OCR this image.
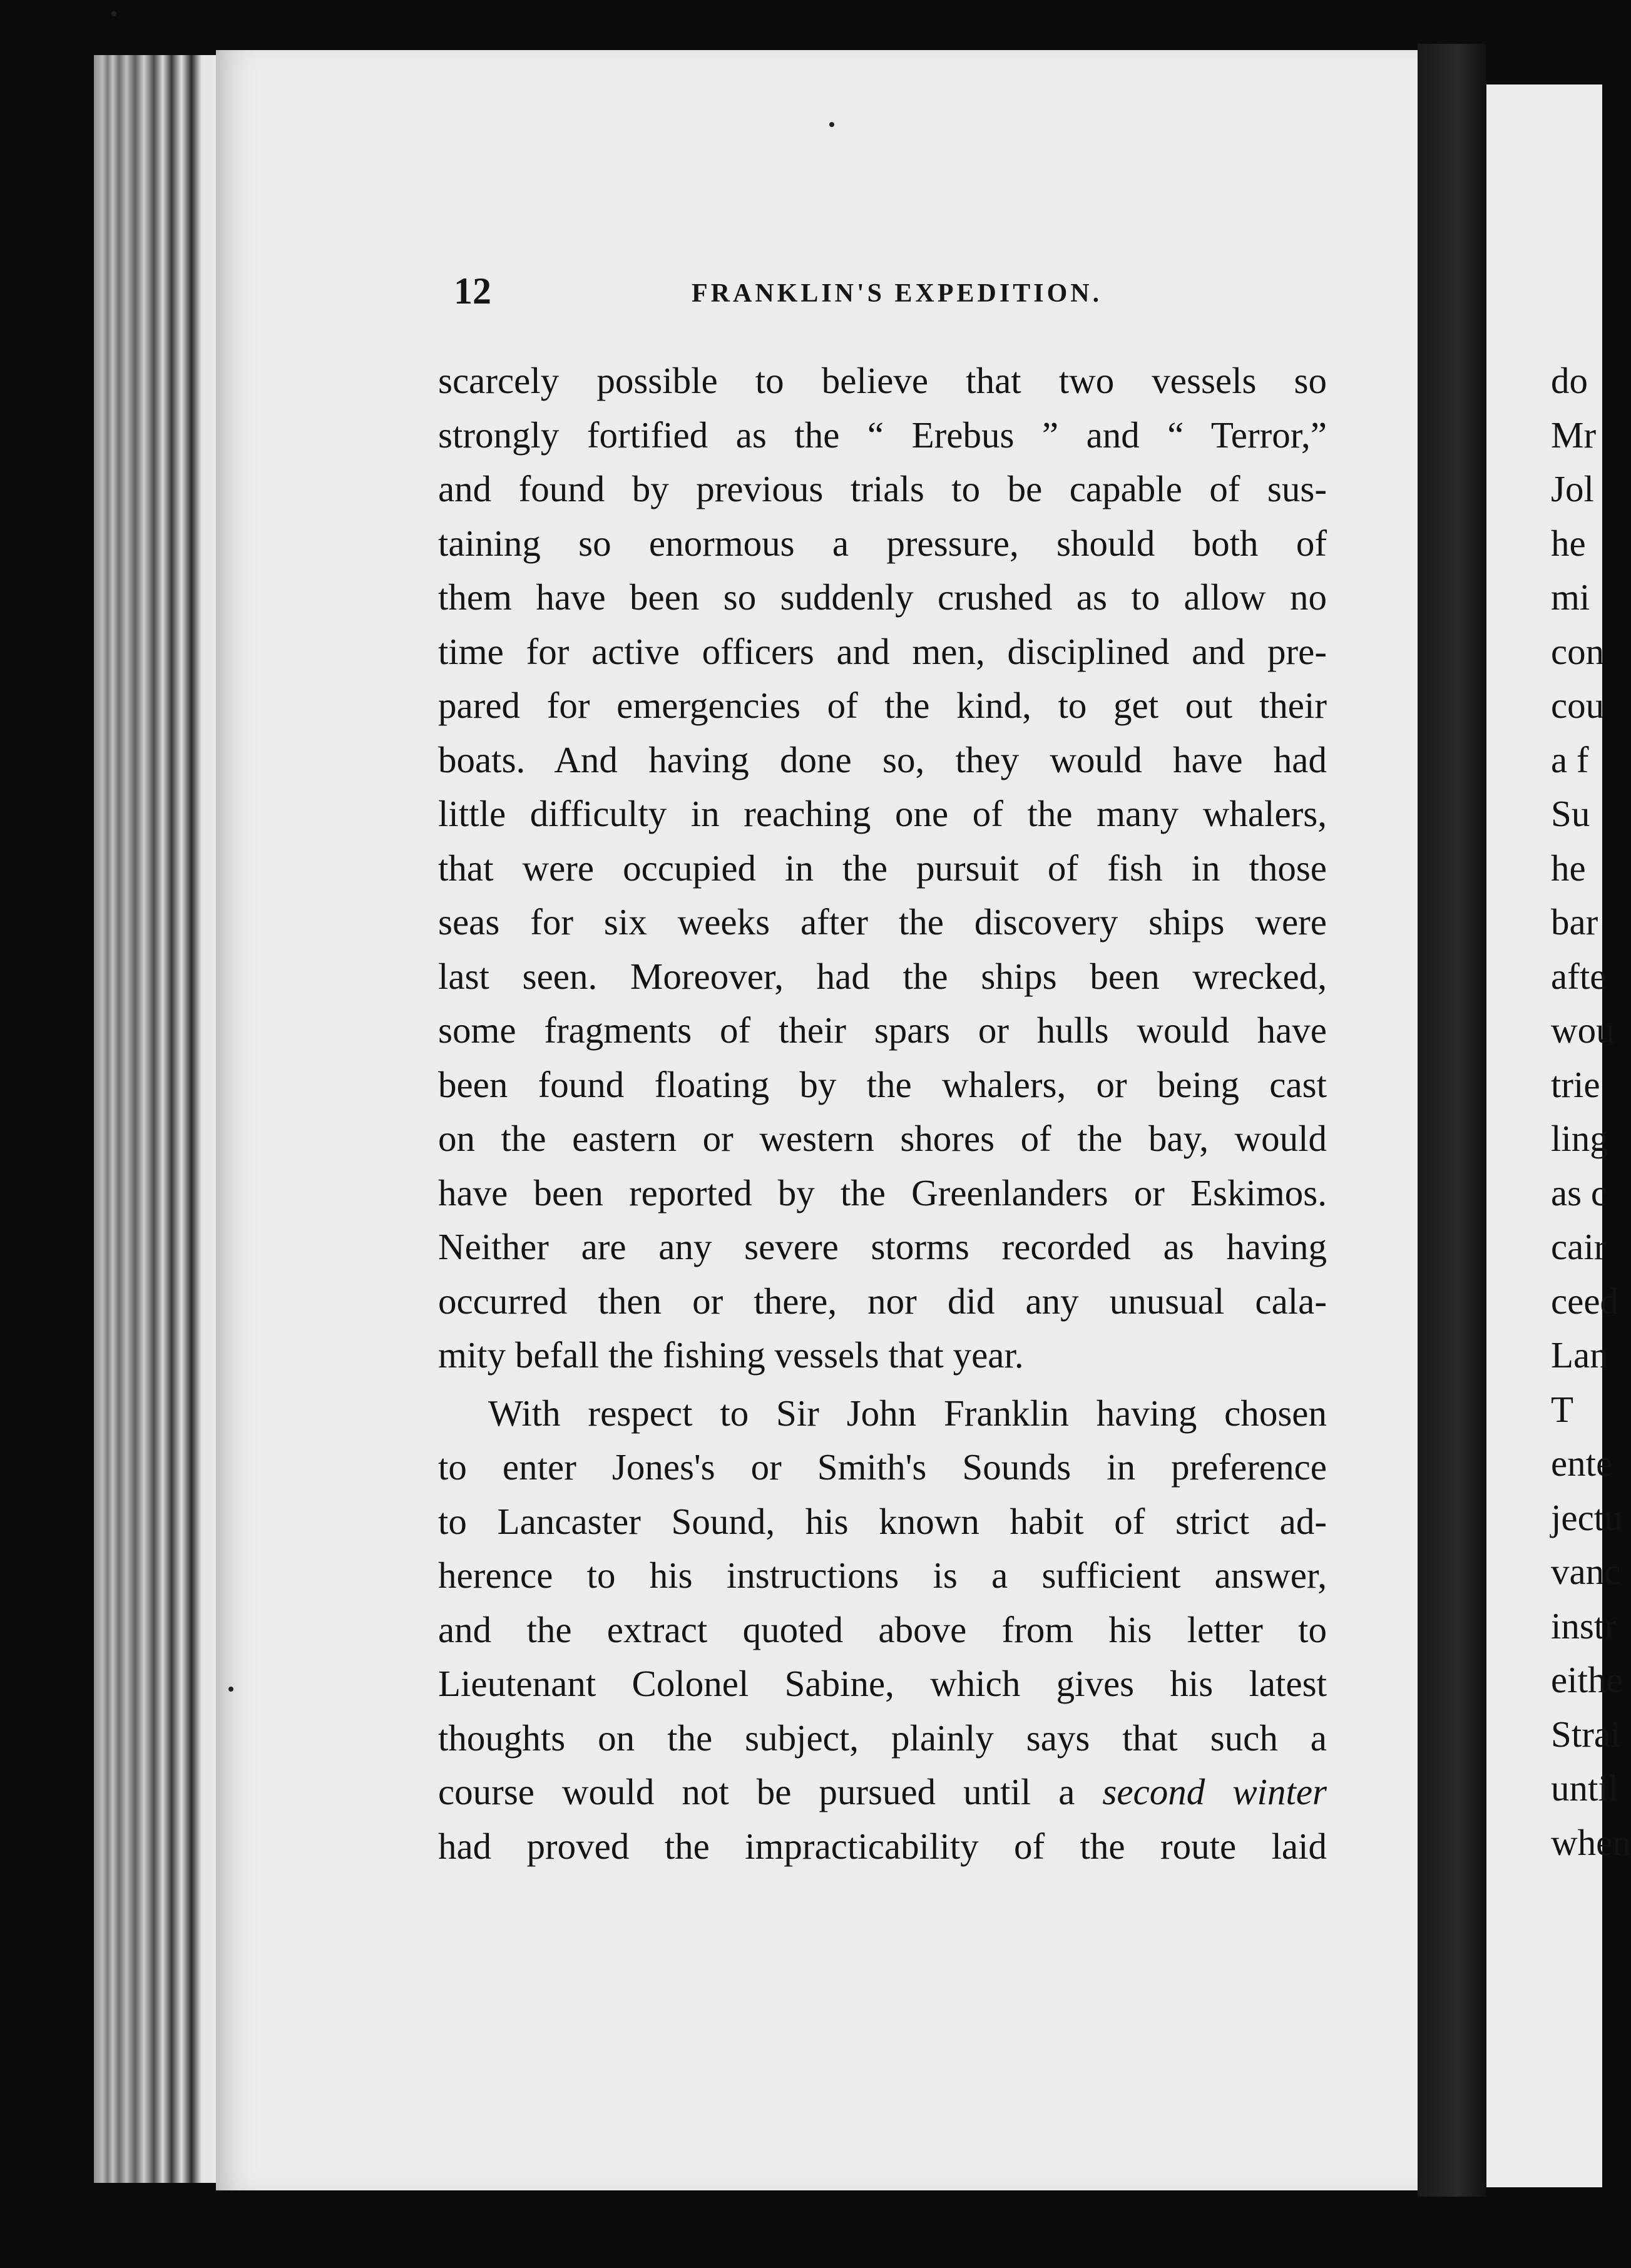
12	FRANKLIN'S EXPEDITION.
scarcely possible to believe that two vessels so
strongly fortified as the “ Erebus ” and “ Terror,”
and found by previous trials to be capable of sus-
taining so enormous a pressure, should both of
them have been so suddenly crushed as to allow no
time for active officers and men, disciplined and pre-
pared for emergencies of the kind, to get out their
boats. And having done so, they would have had
little difficulty in reaching one of the many whalers,
that were occupied in the pursuit of fish in those
seas for six weeks after the discovery ships were
last seen. Moreover, had the ships been wrecked,
some fragments of their spars or hulls would have
been found floating by the whalers, or being cast
on the eastern or western shores of the bay, would
have been reported by the Greenlanders or Eskimos.
Neither are any severe storms recorded as having
occurred then or there, nor did any unusual cala-
mity befall the fishing vessels that year.
With respect to Sir John Franklin having chosen
to enter Jones's or Smith's Sounds in preference
to Lancaster Sound, his known habit of strict ad-
herence to his instructions is a sufficient answer,
and the extract quoted above from his letter to
Lieutenant Colonel Sabine, which gives his latest
thoughts on the subject, plainly says that such a
course would not be pursued until a second winter
had proved the impracticability of the route laid
do
Mr
Jol
he
mi
con
cou
a f
Su
he
bar
afte
wou
trie
ling
as c
cair
ceed
Lan
T
ente
jectu
vanc
instr
eithe
Strai
until
when
